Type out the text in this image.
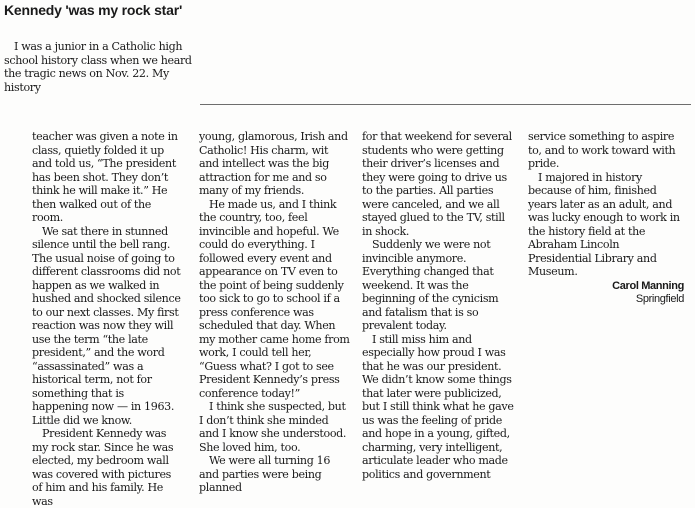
Kennedy 'was my rock star'

I was a junior in a Catholic high school history class when we heard the tragic news on Nov. 22. My history

teacher was given a note in class, quietly folded it up and told us, “The president has been shot. They don’t think he will make it.” He then walked out of the room.

We sat there in stunned silence until the bell rang. The usual noise of going to different classrooms did not happen as we walked in hushed and shocked silence to our next classes. My first reaction was now they will use the term “the late president,” and the word “assassinated” was a historical term, not for something that is happening now — in 1963. Little did we know.

President Kennedy was my rock star. Since he was elected, my bedroom wall was covered with pictures of him and his family. He was

young, glamorous, Irish and Catholic! His charm, wit and intellect was the big attraction for me and so many of my friends.

He made us, and I think the country, too, feel invincible and hopeful. We could do everything. I followed every event and appearance on TV even to the point of being suddenly too sick to go to school if a press conference was scheduled that day. When my mother came home from work, I could tell her, “Guess what? I got to see President Kennedy’s press conference today!”

I think she suspected, but I don’t think she minded and I know she understood. She loved him, too.

We were all turning 16 and parties were being planned

for that weekend for several students who were getting their driver’s licenses and they were going to drive us to the parties. All parties were canceled, and we all stayed glued to the TV, still in shock.

Suddenly we were not invincible anymore. Everything changed that weekend. It was the beginning of the cynicism and fatalism that is so prevalent today.

I still miss him and especially how proud I was that he was our president. We didn’t know some things that later were publicized, but I still think what he gave us was the feeling of pride and hope in a young, gifted, charming, very intelligent, articulate leader who made politics and government

service something to aspire to, and to work toward with pride.

I majored in history because of him, finished years later as an adult, and was lucky enough to work in the history field at the Abraham Lincoln Presidential Library and Museum.

Carol Manning
Springfield
